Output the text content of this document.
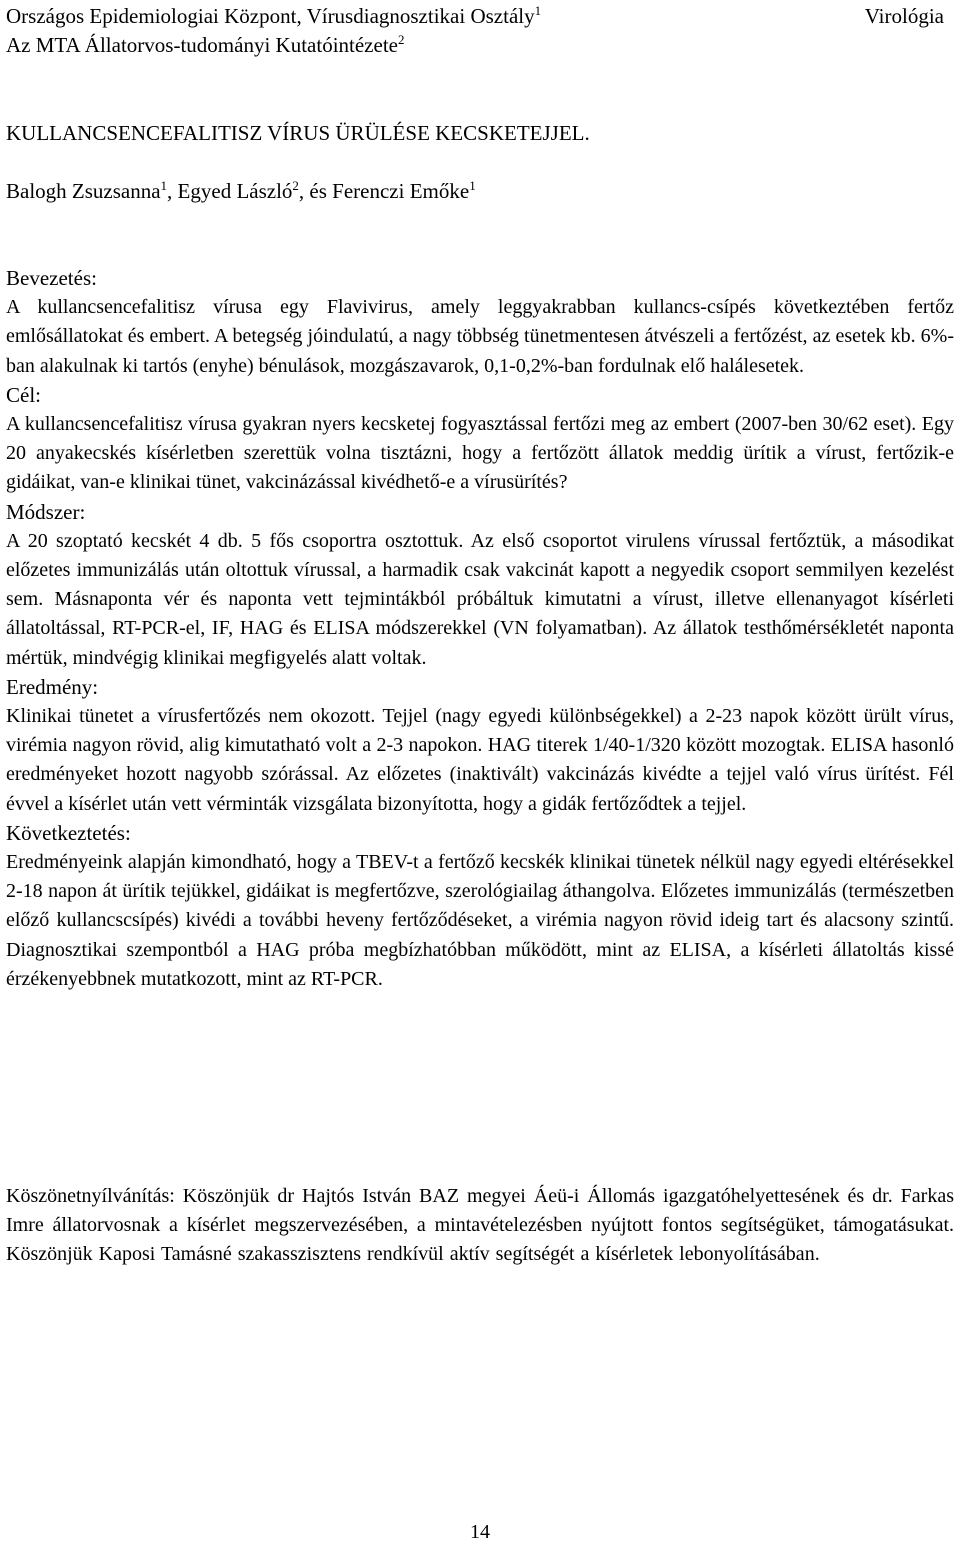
Országos Epidemiologiai Központ, Vírusdiagnosztikai Osztály$^1$
Az MTA Állatorvos-tudományi Kutatóintézete$^2$
Virológia
KULLANCSENCEFALITISZ VÍRUS ÜRÜLÉSE KECSKETEJJEL.
Balogh Zsuzsanna$^1$, Egyed László$^2$, és Ferenczi Emőke$^1$
Bevezetés:

A kullancsencefalitisz vírusa egy Flavivirus, amely leggyakrabban kullancs-csípés következtében fertőz emlősállatokat és embert. A betegség jóindulatú, a nagy többség tünetmentesen átvészeli a fertőzést, az esetek kb. 6%-ban alakulnak ki tartós (enyhe) bénulások, mozgászavarok, 0,1-0,2%-ban fordulnak elő halálesetek.

Cél:

A kullancsencefalitisz vírusa gyakran nyers kecsketej fogyasztással fertőzi meg az embert (2007-ben 30/62 eset). Egy 20 anyakecskés kísérletben szerettük volna tisztázni, hogy a fertőzött állatok meddig ürítik a vírust, fertőzik-e gidáikat, van-e klinikai tünet, vakcinázással kivédhető-e a vírusürítés?

Módszer:

A 20 szoptató kecskét 4 db. 5 fős csoportra osztottuk. Az első csoportot virulens vírussal fertőztük, a másodikat előzetes immunizálás után oltottuk vírussal, a harmadik csak vakcinát kapott a negyedik csoport semmilyen kezelést sem. Másnaponta vér és naponta vett tejmintákból próbáltuk kimutatni a vírust, illetve ellenanyagot kísérleti állatoltással, RT-PCR-el, IF, HAG és ELISA módszerekkel (VN folyamatban). Az állatok testhőmérsékletét naponta mértük, mindvégig klinikai megfigyelés alatt voltak.

Eredmény:

Klinikai tünetet a vírusfertőzés nem okozott. Tejjel (nagy egyedi különbségekkel) a 2-23 napok között ürült vírus, virémia nagyon rövid, alig kimutatható volt a 2-3 napokon. HAG titerek 1/40-1/320 között mozogtak. ELISA hasonló eredményeket hozott nagyobb szórással. Az előzetes (inaktivált) vakcinázás kivédte a tejjel való vírus ürítést. Fél évvel a kísérlet után vett vérminták vizsgálata bizonyította, hogy a gidák fertőződtek a tejjel.

Következtetés:

Eredményeink alapján kimondható, hogy a TBEV-t a fertőző kecskék klinikai tünetek nélkül nagy egyedi eltérésekkel 2-18 napon át ürítik tejükkel, gidáikat is megfertőzve, szerológiailag áthangolva. Előzetes immunizálás (természetben előző kullancscsípés) kivédi a további heveny fertőződéseket, a virémia nagyon rövid ideig tart és alacsony szintű. Diagnosztikai szempontból a HAG próba megbízhatóbban működött, mint az ELISA, a kísérleti állatoltás kissé érzékenyebbnek mutatkozott, mint az RT-PCR.

Köszönetnyílvánítás: Köszönjük dr Hajtós István BAZ megyei Áeü-i Állomás igazgatóhelyettesének és dr. Farkas Imre állatorvosnak a kísérlet megszervezésében, a mintavételezésben nyújtott fontos segítségüket, támogatásukat. Köszönjük Kaposi Tamásné szakasszisztens rendkívül aktív segítségét a kísérletek lebonyolításában.

14
